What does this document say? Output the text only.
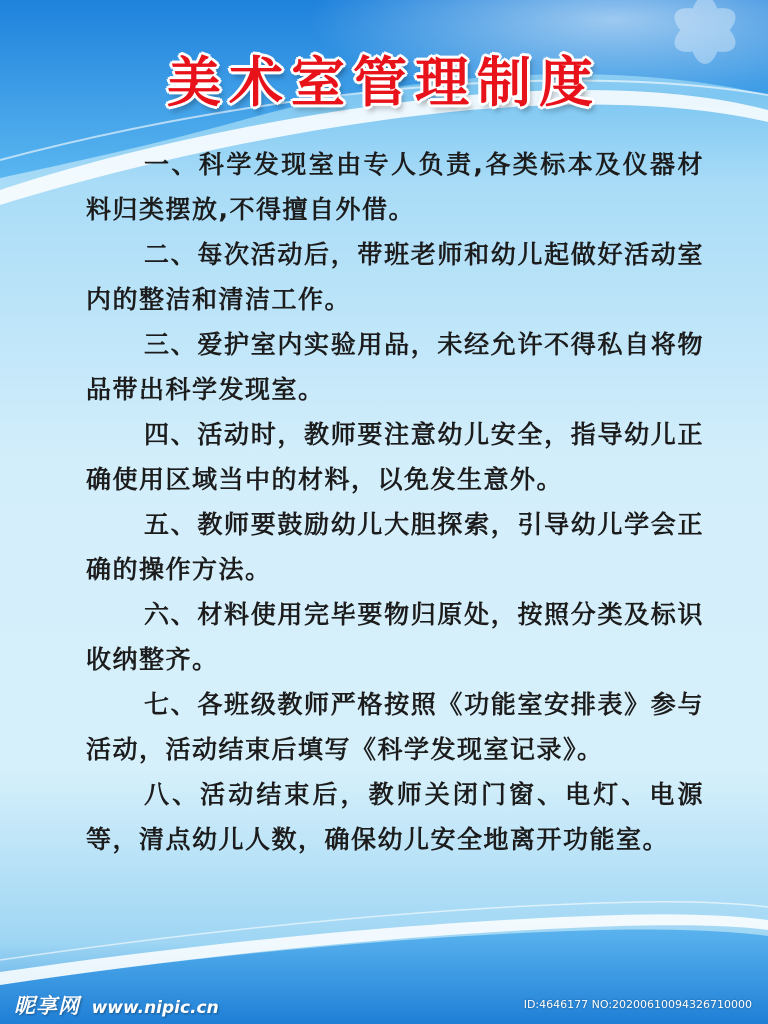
美术室管理制度

一、科学发现室由专人负责,各类标本及仪器材料归类摆放,不得擅自外借。

二、每次活动后，带班老师和幼儿起做好活动室内的整洁和清洁工作。

三、爱护室内实验用品，未经允许不得私自将物品带出科学发现室。

四、活动时，教师要注意幼儿安全，指导幼儿正确使用区域当中的材料，以免发生意外。

五、教师要鼓励幼儿大胆探索，引导幼儿学会正确的操作方法。

六、材料使用完毕要物归原处，按照分类及标识收纳整齐。

七、各班级教师严格按照《功能室安排表》参与活动，活动结束后填写《科学发现室记录》。

八、活动结束后，教师关闭门窗、电灯、电源等，清点幼儿人数，确保幼儿安全地离开功能室。

昵享网 www.nipic.cn	ID:4646177 NO:20200610094326710000
